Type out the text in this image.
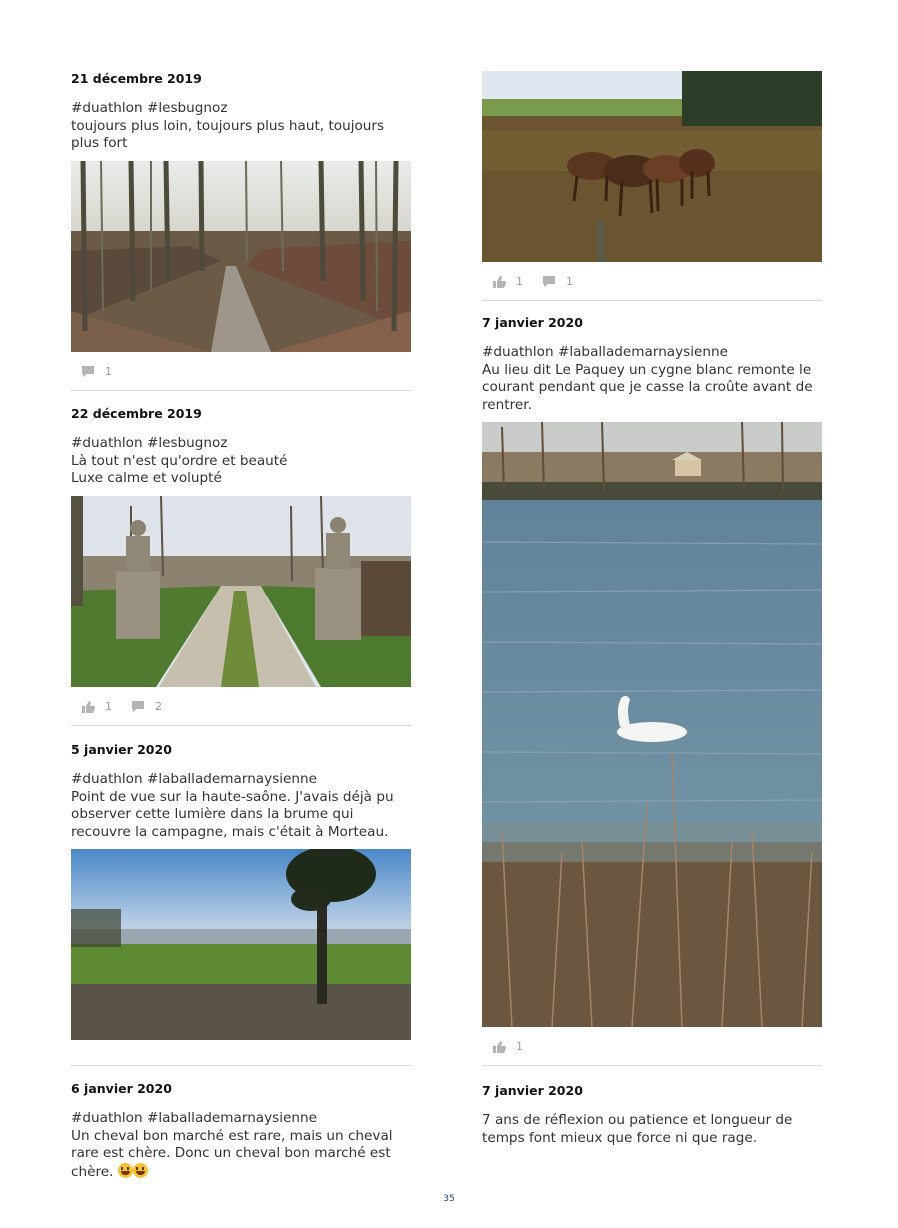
21 décembre 2019

#duathlon #lesbugnoz
toujours plus loin, toujours plus haut, toujours
plus fort
1

22 décembre 2019

#duathlon #lesbugnoz
Là tout n'est qu'ordre et beauté
Luxe calme et volupté
1	2

5 janvier 2020

#duathlon #laballademarnaysienne
Point de vue sur la haute-saône. J'avais déjà pu
observer cette lumière dans la brume qui
recouvre la campagne, mais c'était à Morteau.

6 janvier 2020

#duathlon #laballademarnaysienne
Un cheval bon marché est rare, mais un cheval
rare est chère. Donc un cheval bon marché est
chère.
1	1

7 janvier 2020

#duathlon #laballademarnaysienne
Au lieu dit Le Paquey un cygne blanc remonte le
courant pendant que je casse la croûte avant de
rentrer.
1

7 janvier 2020

7 ans de réflexion ou patience et longueur de
temps font mieux que force ni que rage.
35
